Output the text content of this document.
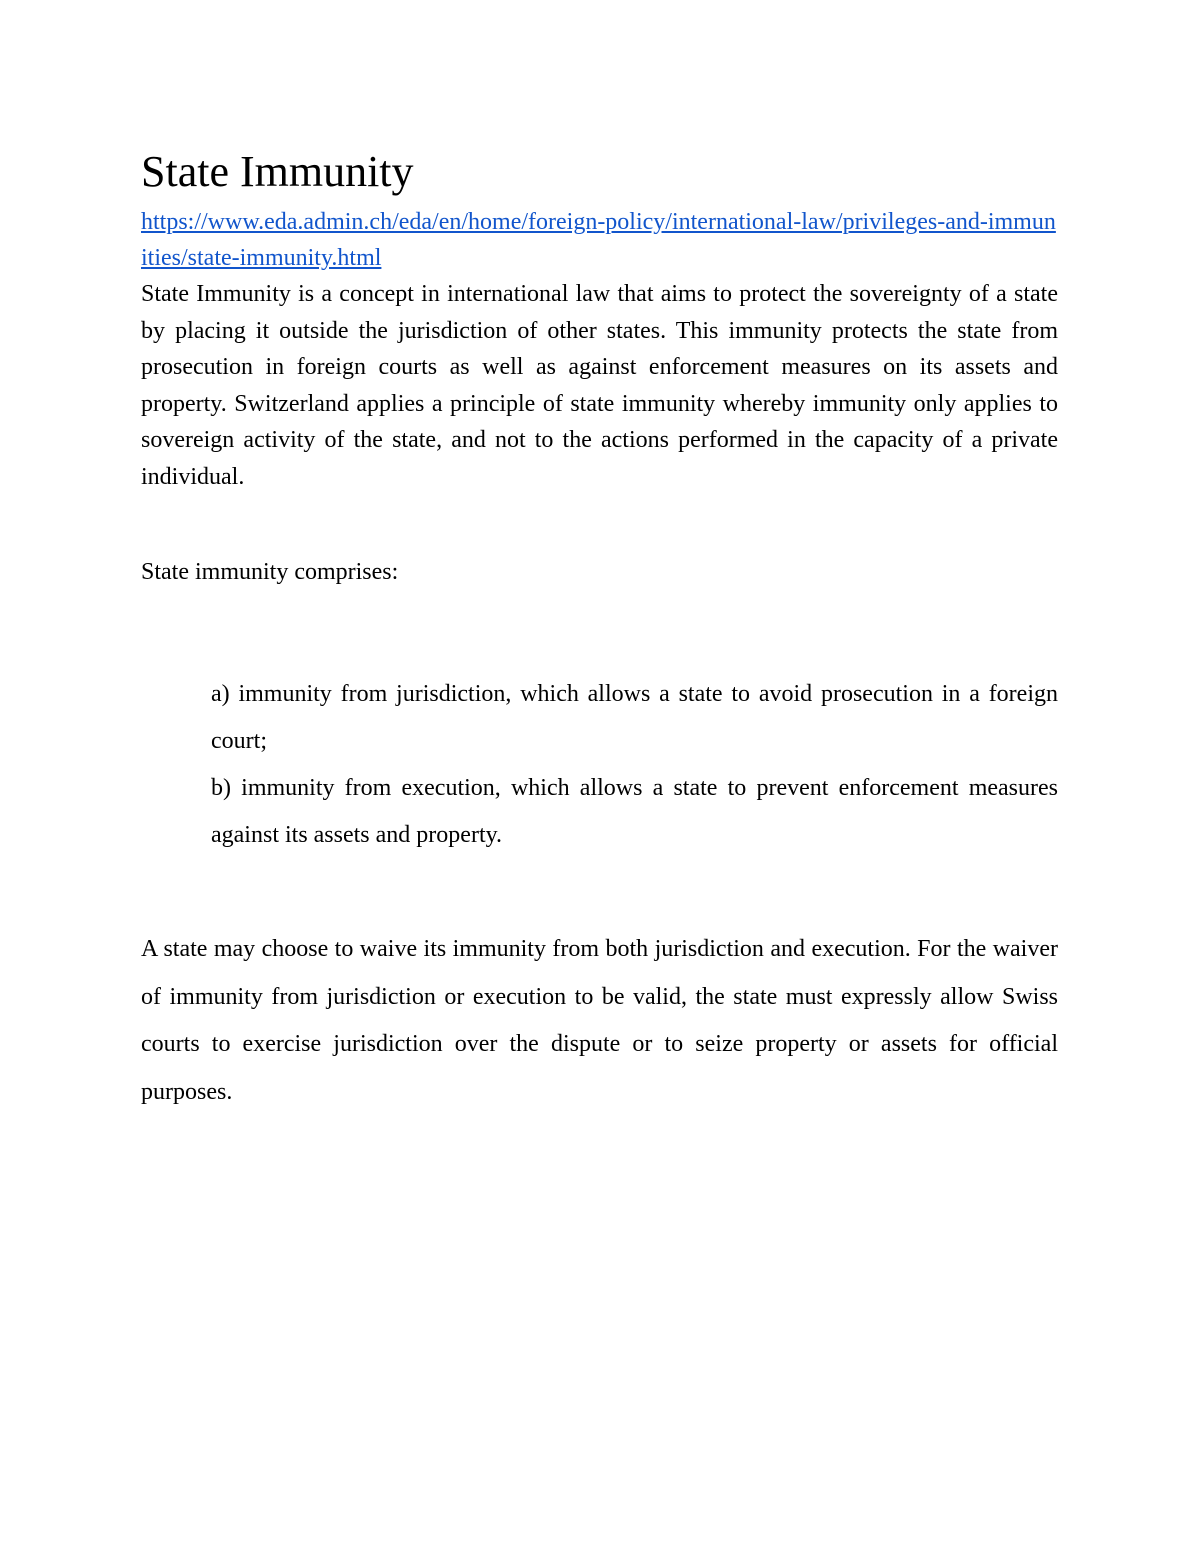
State Immunity
https://www.eda.admin.ch/eda/en/home/foreign-policy/international-law/privileges-and-immunities/state-immunity.html

State Immunity is a concept in international law that aims to protect the sovereignty of a state by placing it outside the jurisdiction of other states. This immunity protects the state from prosecution in foreign courts as well as against enforcement measures on its assets and property. Switzerland applies a principle of state immunity whereby immunity only applies to sovereign activity of the state, and not to the actions performed in the capacity of a private individual.

State immunity comprises:

a) immunity from jurisdiction, which allows a state to avoid prosecution in a foreign court;
b) immunity from execution, which allows a state to prevent enforcement measures against its assets and property.

A state may choose to waive its immunity from both jurisdiction and execution. For the waiver of immunity from jurisdiction or execution to be valid, the state must expressly allow Swiss courts to exercise jurisdiction over the dispute or to seize property or assets for official purposes.
